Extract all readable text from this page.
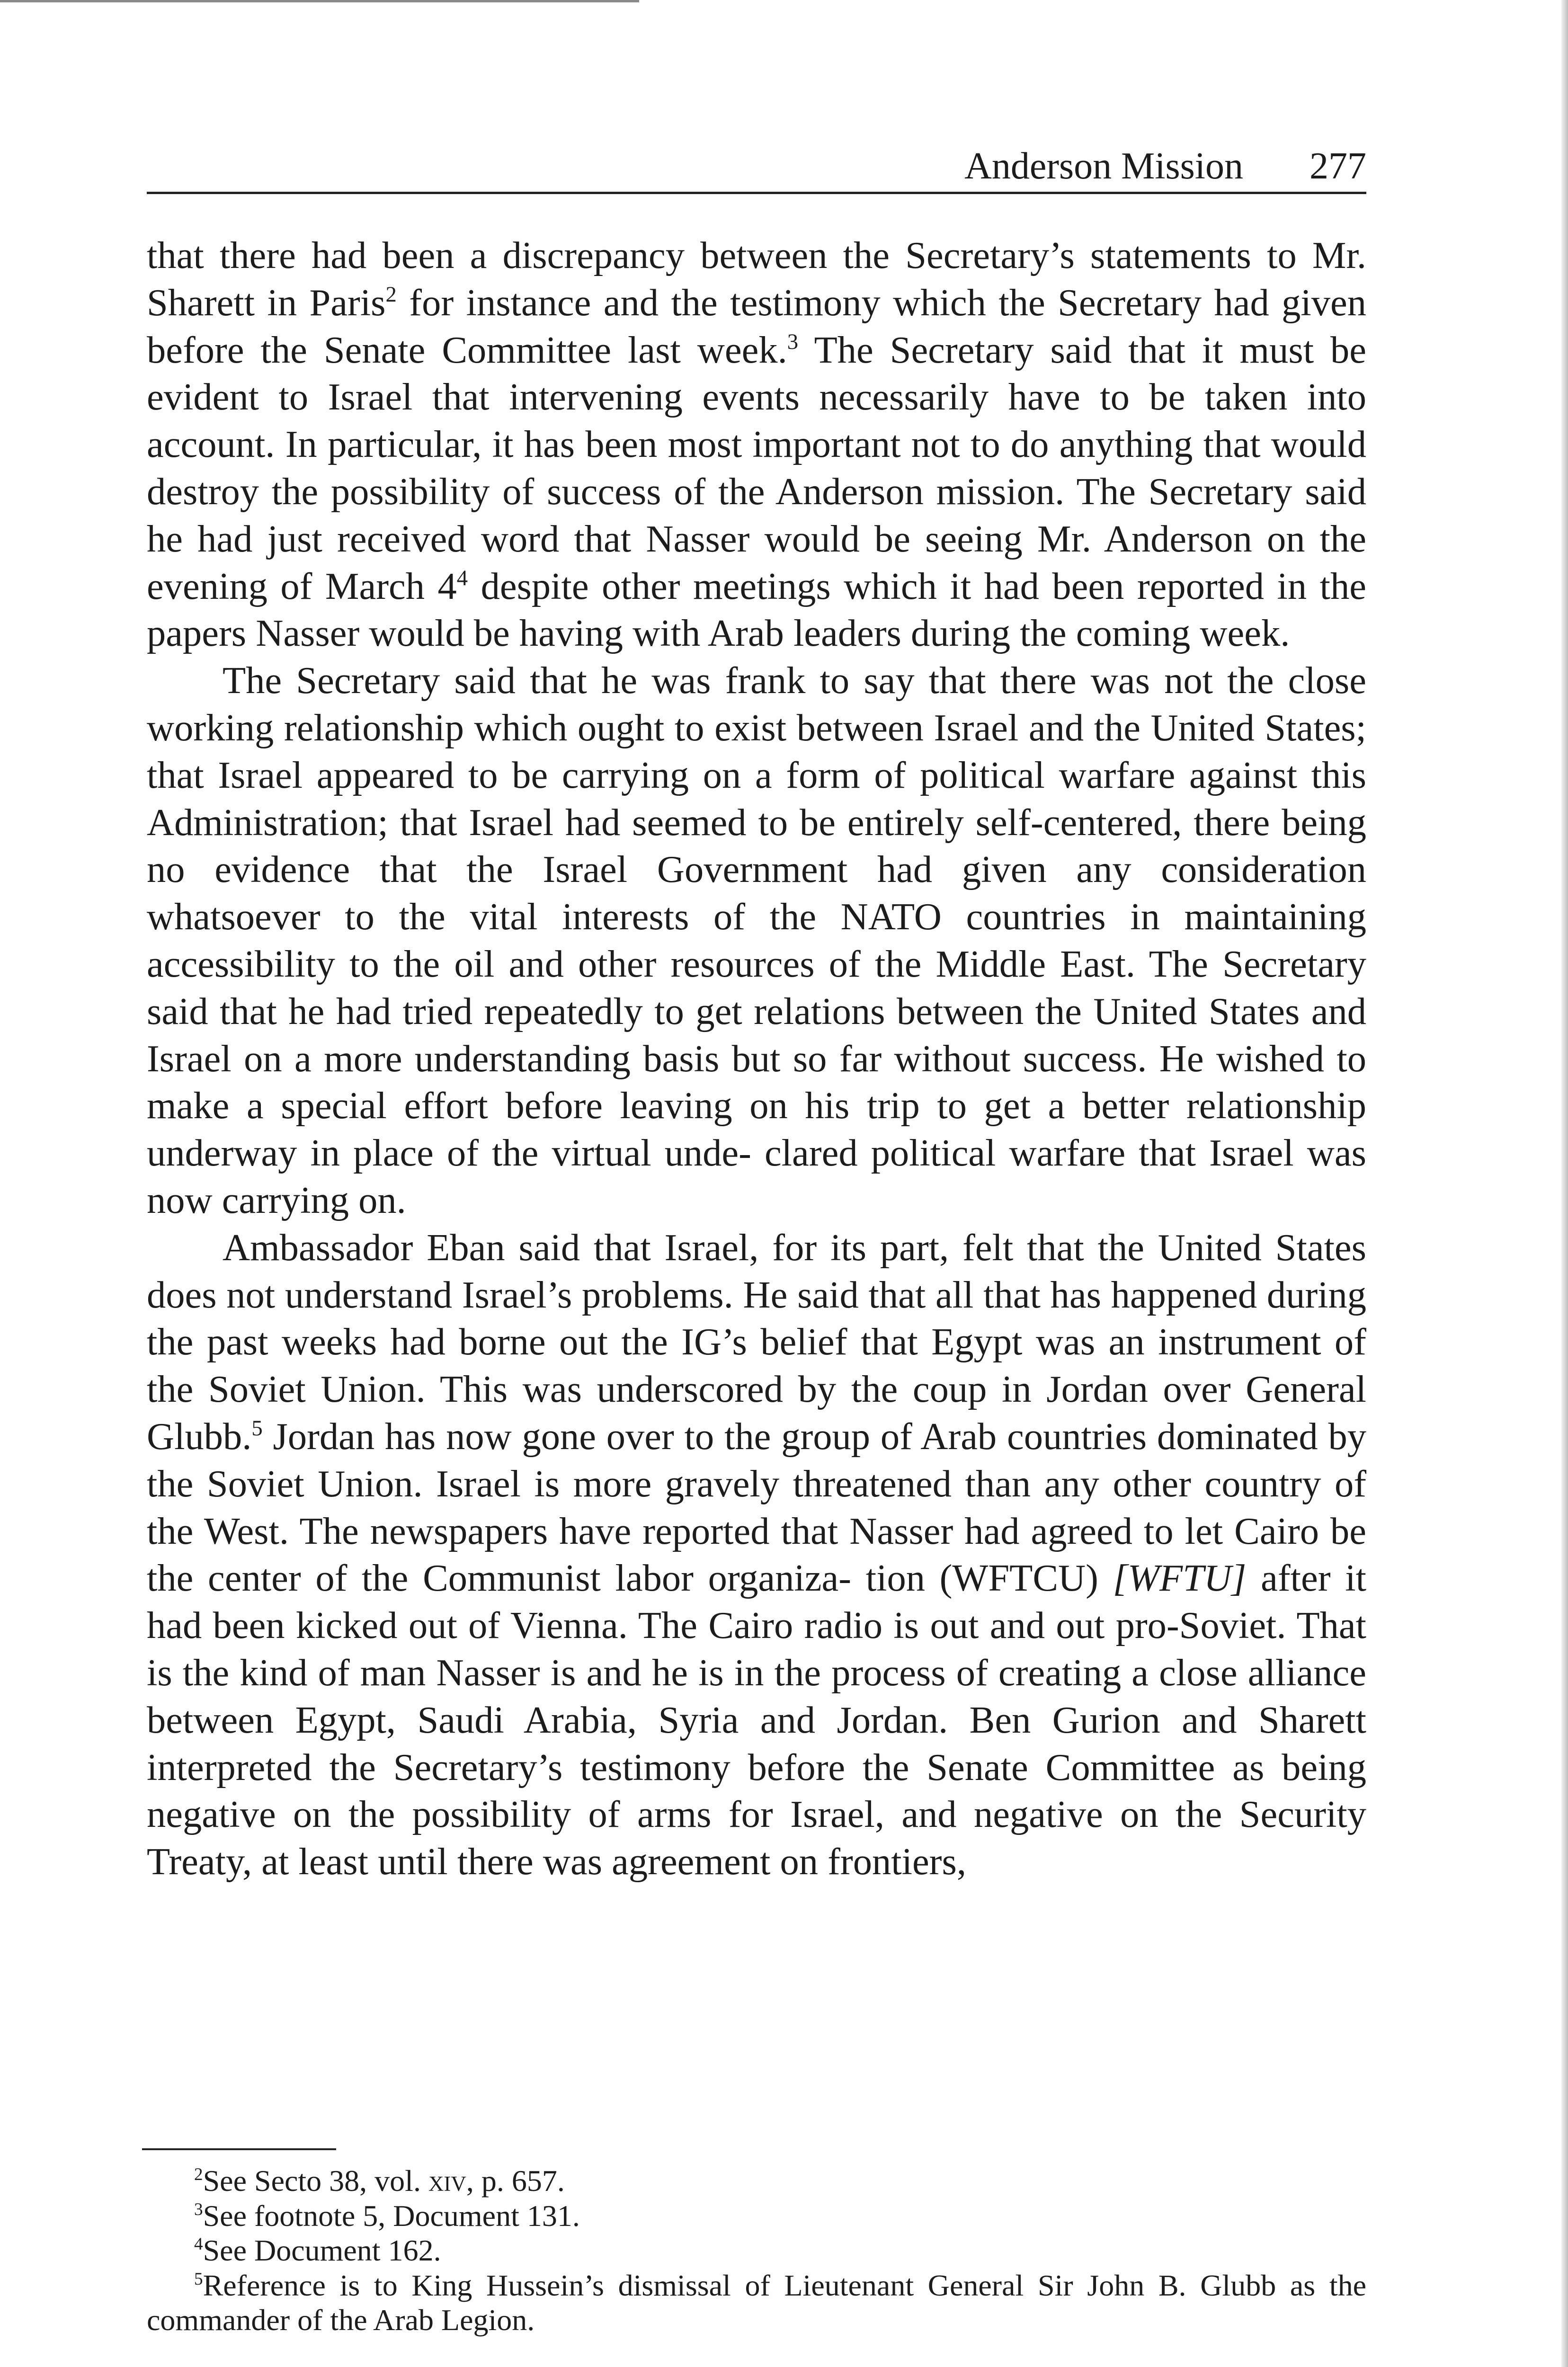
Anderson Mission 277

that there had been a discrepancy between the Secretary’s statements to Mr. Sharett in Paris$^2$ for instance and the testimony which the Secretary had given before the Senate Committee last week.$^3$ The Secretary said that it must be evident to Israel that intervening events necessarily have to be taken into account. In particular, it has been most important not to do anything that would destroy the possibility of success of the Anderson mission. The Secretary said he had just received word that Nasser would be seeing Mr. Anderson on the evening of March $4^4$ despite other meetings which it had been reported in the papers Nasser would be having with Arab leaders during the coming week.

The Secretary said that he was frank to say that there was not the close working relationship which ought to exist between Israel and the United States; that Israel appeared to be carrying on a form of political warfare against this Administration; that Israel had seemed to be entirely self-centered, there being no evidence that the Israel Government had given any consideration whatsoever to the vital interests of the NATO countries in maintaining accessibility to the oil and other resources of the Middle East. The Secretary said that he had tried repeatedly to get relations between the United States and Israel on a more understanding basis but so far without success. He wished to make a special effort before leaving on his trip to get a better relationship underway in place of the virtual unde- clared political warfare that Israel was now carrying on.

Ambassador Eban said that Israel, for its part, felt that the United States does not understand Israel’s problems. He said that all that has happened during the past weeks had borne out the IG’s belief that Egypt was an instrument of the Soviet Union. This was underscored by the coup in Jordan over General Glubb.$^5$ Jordan has now gone over to the group of Arab countries dominated by the Soviet Union. Israel is more gravely threatened than any other country of the West. The newspapers have reported that Nasser had agreed to let Cairo be the center of the Communist labor organiza- tion (WFTCU) [WFTU] after it had been kicked out of Vienna. The Cairo radio is out and out pro-Soviet. That is the kind of man Nasser is and he is in the process of creating a close alliance between Egypt, Saudi Arabia, Syria and Jordan. Ben Gurion and Sharett interpreted the Secretary’s testimony before the Senate Committee as being negative on the possibility of arms for Israel, and negative on the Security Treaty, at least until there was agreement on frontiers,

$^2$See Secto 38, vol. xiv, p. 657.

$^3$See footnote 5, Document 131.

$^4$See Document 162.

$^5$Reference is to King Hussein’s dismissal of Lieutenant General Sir John B. Glubb as the commander of the Arab Legion.
